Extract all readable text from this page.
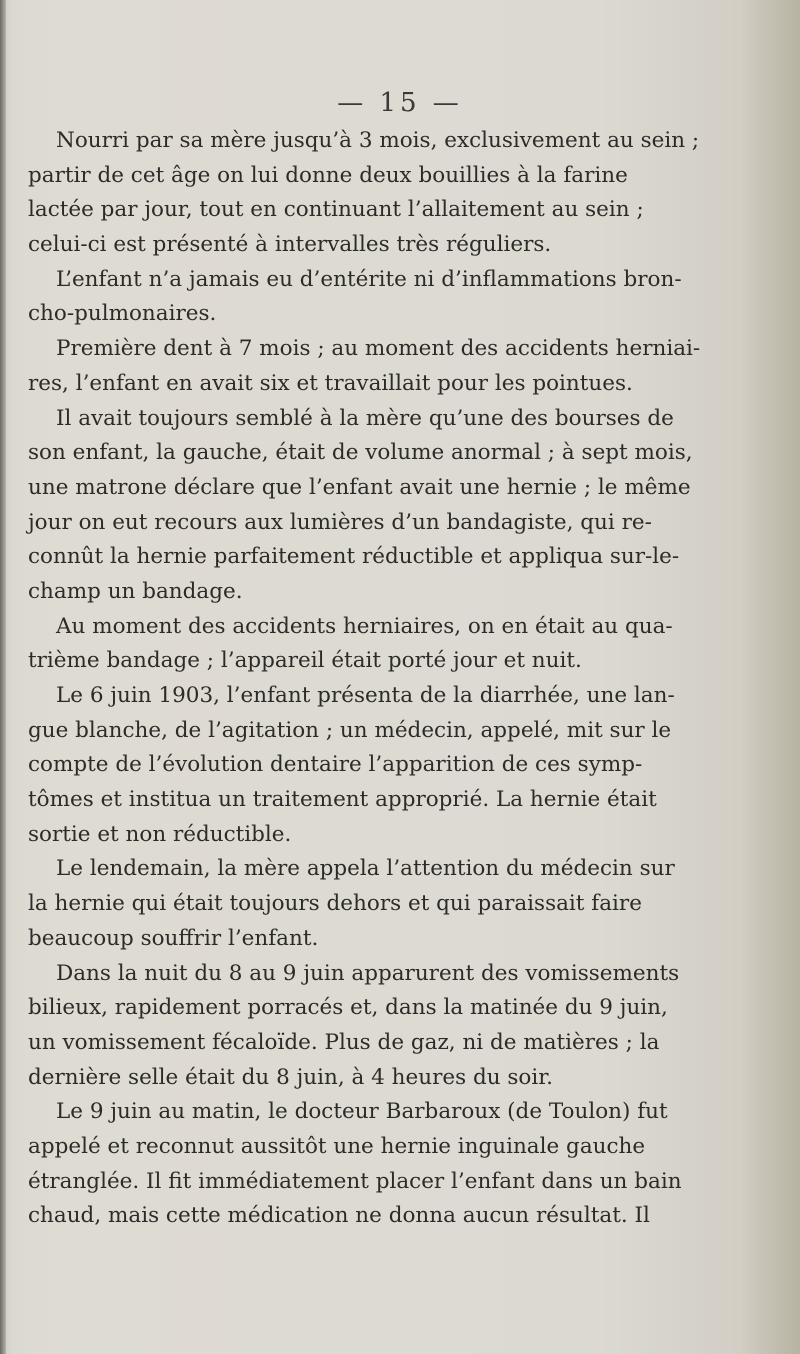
— 15 —
Nourri par sa mère jusqu’à 3 mois, exclusivement au sein ;
partir de cet âge on lui donne deux bouillies à la farine
lactée par jour, tout en continuant l’allaitement au sein ;
celui-ci est présenté à intervalles très réguliers.
L’enfant n’a jamais eu d’entérite ni d’inflammations bron-
cho-pulmonaires.
Première dent à 7 mois ; au moment des accidents herniai-
res, l’enfant en avait six et travaillait pour les pointues.
Il avait toujours semblé à la mère qu’une des bourses de
son enfant, la gauche, était de volume anormal ; à sept mois,
une matrone déclare que l’enfant avait une hernie ; le même
jour on eut recours aux lumières d’un bandagiste, qui re-
connût la hernie parfaitement réductible et appliqua sur-le-
champ un bandage.
Au moment des accidents herniaires, on en était au qua-
trième bandage ; l’appareil était porté jour et nuit.
Le 6 juin 1903, l’enfant présenta de la diarrhée, une lan-
gue blanche, de l’agitation ; un médecin, appelé, mit sur le
compte de l’évolution dentaire l’apparition de ces symp-
tômes et institua un traitement approprié. La hernie était
sortie et non réductible.
Le lendemain, la mère appela l’attention du médecin sur
la hernie qui était toujours dehors et qui paraissait faire
beaucoup souffrir l’enfant.
Dans la nuit du 8 au 9 juin apparurent des vomissements
bilieux, rapidement porracés et, dans la matinée du 9 juin,
un vomissement fécaloïde. Plus de gaz, ni de matières ; la
dernière selle était du 8 juin, à 4 heures du soir.
Le 9 juin au matin, le docteur Barbaroux (de Toulon) fut
appelé et reconnut aussitôt une hernie inguinale gauche
étranglée. Il fit immédiatement placer l’enfant dans un bain
chaud, mais cette médication ne donna aucun résultat. Il
